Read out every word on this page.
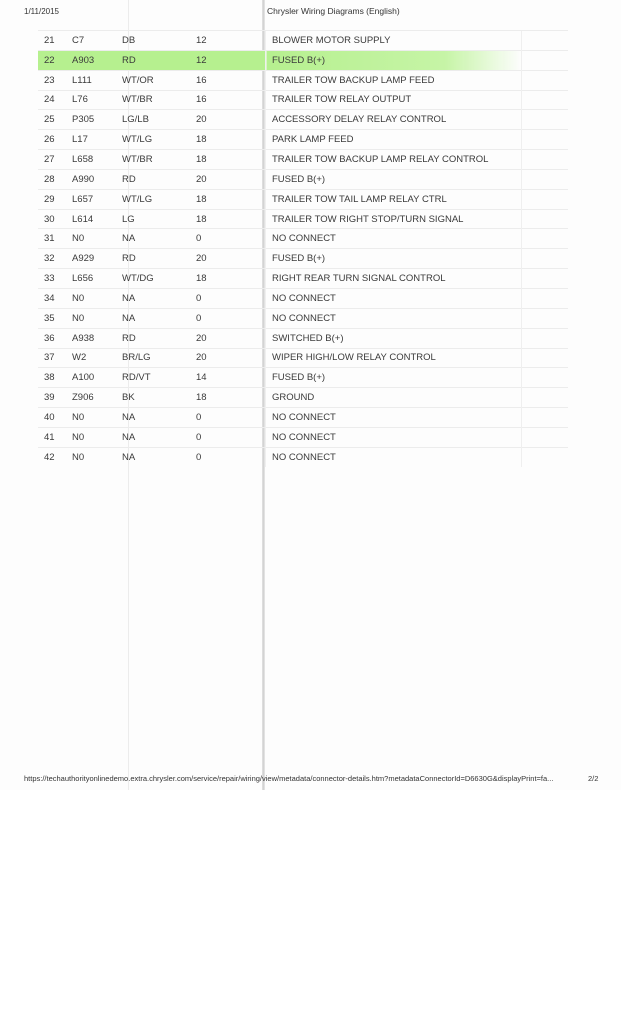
1/11/2015	Chrysler Wiring Diagrams (English)
21	C7	DB	12	BLOWER MOTOR SUPPLY	
22	A903	RD	12	FUSED B(+)	
23	L111	WT/OR	16	TRAILER TOW BACKUP LAMP FEED	
24	L76	WT/BR	16	TRAILER TOW RELAY OUTPUT	
25	P305	LG/LB	20	ACCESSORY DELAY RELAY CONTROL	
26	L17	WT/LG	18	PARK LAMP FEED	
27	L658	WT/BR	18	TRAILER TOW BACKUP LAMP RELAY CONTROL	
28	A990	RD	20	FUSED B(+)	
29	L657	WT/LG	18	TRAILER TOW TAIL LAMP RELAY CTRL	
30	L614	LG	18	TRAILER TOW RIGHT STOP/TURN SIGNAL	
31	N0	NA	0	NO CONNECT	
32	A929	RD	20	FUSED B(+)	
33	L656	WT/DG	18	RIGHT REAR TURN SIGNAL CONTROL	
34	N0	NA	0	NO CONNECT	
35	N0	NA	0	NO CONNECT	
36	A938	RD	20	SWITCHED B(+)	
37	W2	BR/LG	20	WIPER HIGH/LOW RELAY CONTROL	
38	A100	RD/VT	14	FUSED B(+)	
39	Z906	BK	18	GROUND	
40	N0	NA	0	NO CONNECT	
41	N0	NA	0	NO CONNECT	
42	N0	NA	0	NO CONNECT	
https://techauthorityonlinedemo.extra.chrysler.com/service/repair/wiring/view/metadata/connector-details.htm?metadataConnectorId=D6630G&displayPrint=fa...	2/2
